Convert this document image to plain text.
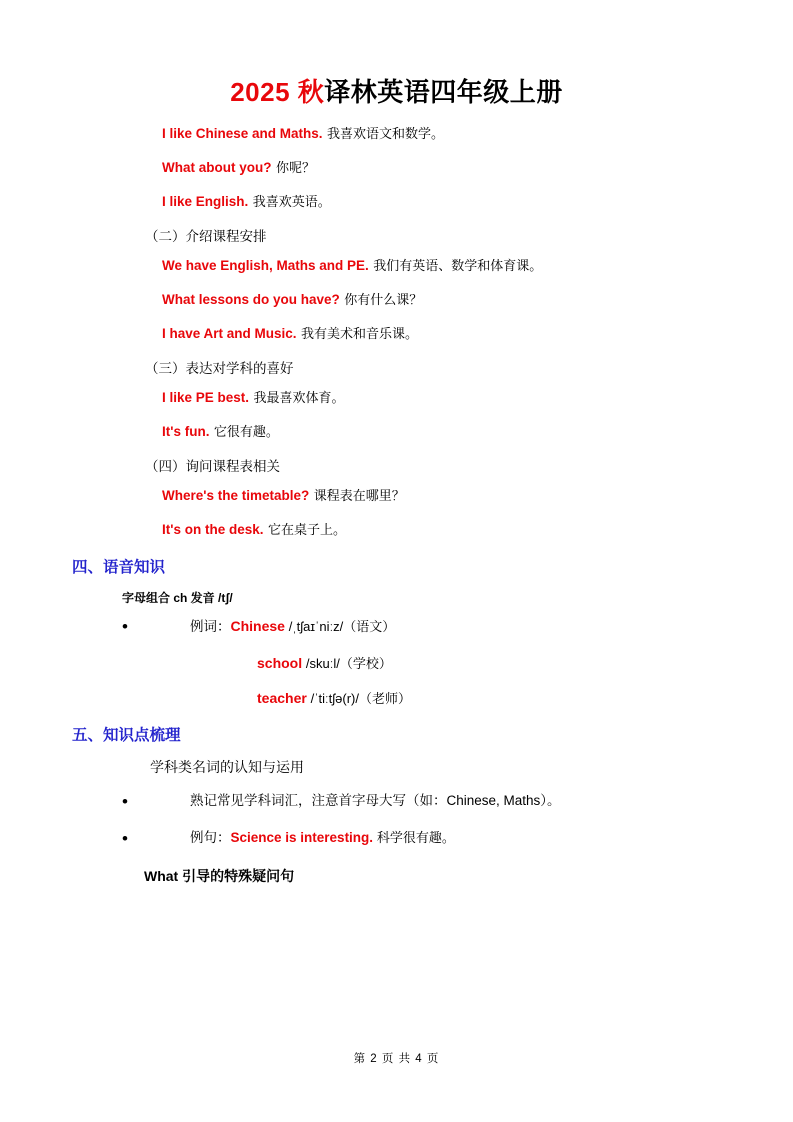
2025 秋译林英语四年级上册
I like Chinese and Maths. 我喜欢语文和数学。
What about you? 你呢？
I like English. 我喜欢英语。
（二）介绍课程安排
We have English, Maths and PE. 我们有英语、数学和体育课。
What lessons do you have? 你有什么课？
I have Art and Music. 我有美术和音乐课。
（三）表达对学科的喜好
I like PE best. 我最喜欢体育。
It's fun. 它很有趣。
（四）询问课程表相关
Where's the timetable? 课程表在哪里？
It's on the desk. 它在桌子上。
四、语音知识
字母组合 ch 发音 /tʃ/
• 例词：Chinese /ˌtʃaɪˈniːz/（语文）
school /skuːl/（学校）
teacher /ˈtiːtʃə(r)/（老师）
五、知识点梳理
学科类名词的认知与运用
• 熟记常见学科词汇，注意首字母大写（如：Chinese, Maths）。
• 例句：Science is interesting. 科学很有趣。
What 引导的特殊疑问句
第 2 页 共 4 页
